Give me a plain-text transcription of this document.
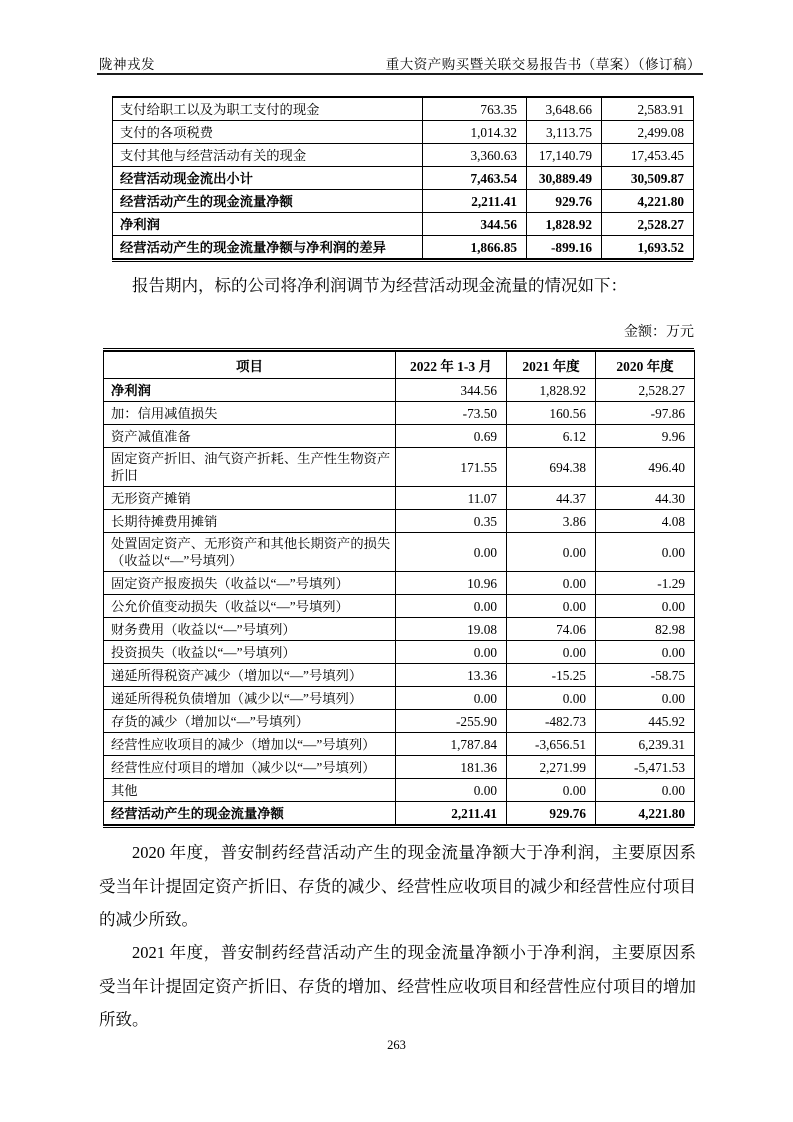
陇神戎发	重大资产购买暨关联交易报告书（草案）（修订稿）
支付给职工以及为职工支付的现金	763.35	3,648.66	2,583.91
支付的各项税费	1,014.32	3,113.75	2,499.08
支付其他与经营活动有关的现金	3,360.63	17,140.79	17,453.45
经营活动现金流出小计	7,463.54	30,889.49	30,509.87
经营活动产生的现金流量净额	2,211.41	929.76	4,221.80
净利润	344.56	1,828.92	2,528.27
经营活动产生的现金流量净额与净利润的差异	1,866.85	-899.16	1,693.52

报告期内，标的公司将净利润调节为经营活动现金流量的情况如下：

金额：万元
项目	2022 年 1-3 月	2021 年度	2020 年度
净利润	344.56	1,828.92	2,528.27
加：信用减值损失	-73.50	160.56	-97.86
资产减值准备	0.69	6.12	9.96
固定资产折旧、油气资产折耗、生产性生物资产折旧	171.55	694.38	496.40
无形资产摊销	11.07	44.37	44.30
长期待摊费用摊销	0.35	3.86	4.08
处置固定资产、无形资产和其他长期资产的损失（收益以“—”号填列）	0.00	0.00	0.00
固定资产报废损失（收益以“—”号填列）	10.96	0.00	-1.29
公允价值变动损失（收益以“—”号填列）	0.00	0.00	0.00
财务费用（收益以“—”号填列）	19.08	74.06	82.98
投资损失（收益以“—”号填列）	0.00	0.00	0.00
递延所得税资产减少（增加以“—”号填列）	13.36	-15.25	-58.75
递延所得税负债增加（减少以“—”号填列）	0.00	0.00	0.00
存货的减少（增加以“—”号填列）	-255.90	-482.73	445.92
经营性应收项目的减少（增加以“—”号填列）	1,787.84	-3,656.51	6,239.31
经营性应付项目的增加（减少以“—”号填列）	181.36	2,271.99	-5,471.53
其他	0.00	0.00	0.00
经营活动产生的现金流量净额	2,211.41	929.76	4,221.80

2020 年度，普安制药经营活动产生的现金流量净额大于净利润，主要原因系受当年计提固定资产折旧、存货的减少、经营性应收项目的减少和经营性应付项目的减少所致。

2021 年度，普安制药经营活动产生的现金流量净额小于净利润，主要原因系受当年计提固定资产折旧、存货的增加、经营性应收项目和经营性应付项目的增加所致。

263
